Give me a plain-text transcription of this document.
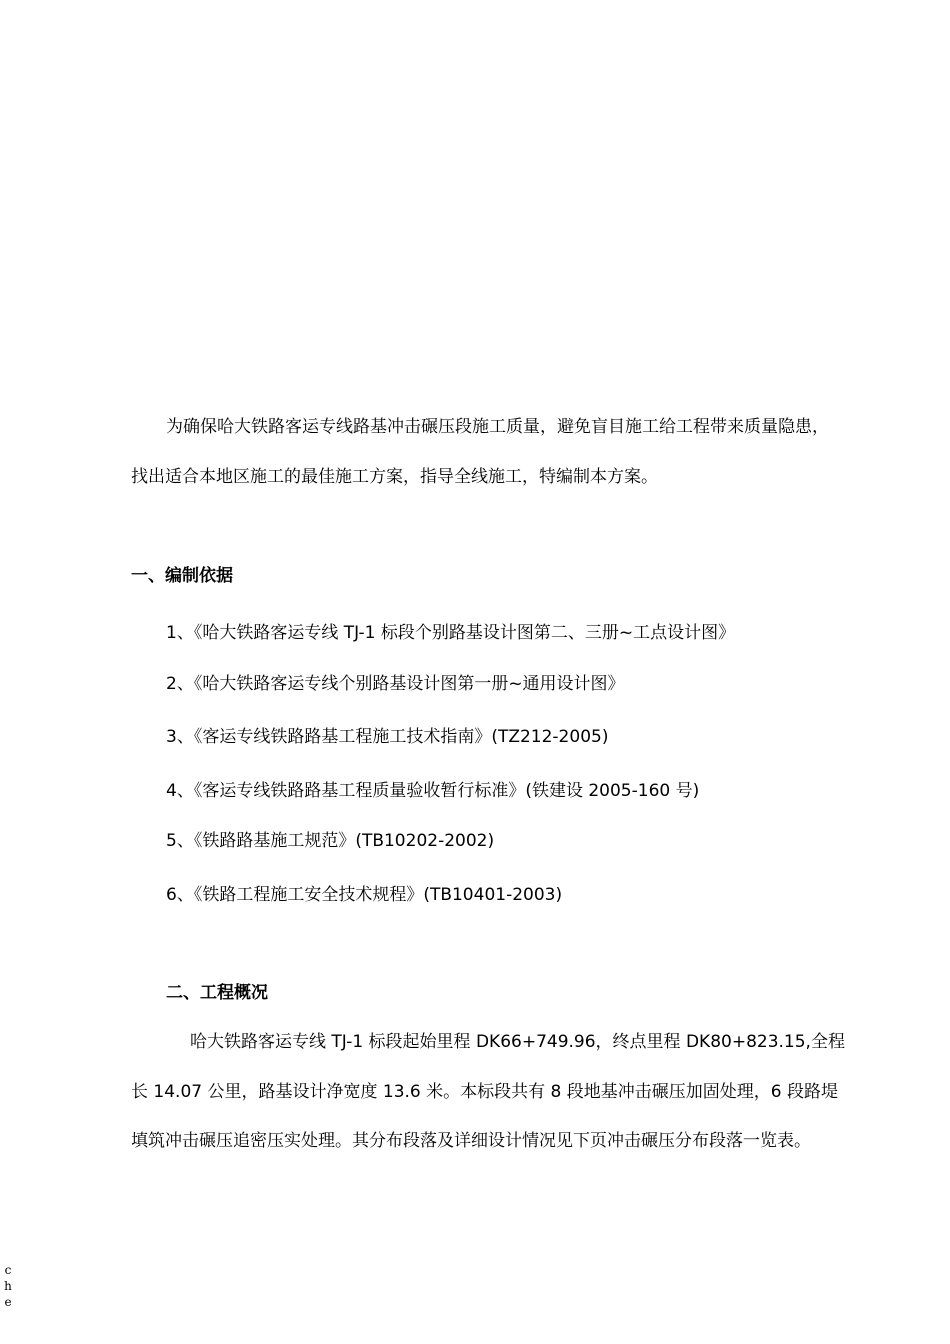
为确保哈大铁路客运专线路基冲击碾压段施工质量，避免盲目施工给工程带来质量隐患，

找出适合本地区施工的最佳施工方案，指导全线施工，特编制本方案。

一、编制依据

1、《哈大铁路客运专线 TJ-1 标段个别路基设计图第二、三册~工点设计图》

2、《哈大铁路客运专线个别路基设计图第一册~通用设计图》

3、《客运专线铁路路基工程施工技术指南》(TZ212-2005)

4、《客运专线铁路路基工程质量验收暂行标准》(铁建设 2005-160 号)

5、《铁路路基施工规范》(TB10202-2002)

6、《铁路工程施工安全技术规程》(TB10401-2003)

二、工程概况

哈大铁路客运专线 TJ-1 标段起始里程 DK66+749.96，终点里程 DK80+823.15,全程

长 14.07 公里，路基设计净宽度 13.6 米。本标段共有 8 段地基冲击碾压加固处理，6 段路堤

填筑冲击碾压追密压实处理。其分布段落及详细设计情况见下页冲击碾压分布段落一览表。

c
h
e
